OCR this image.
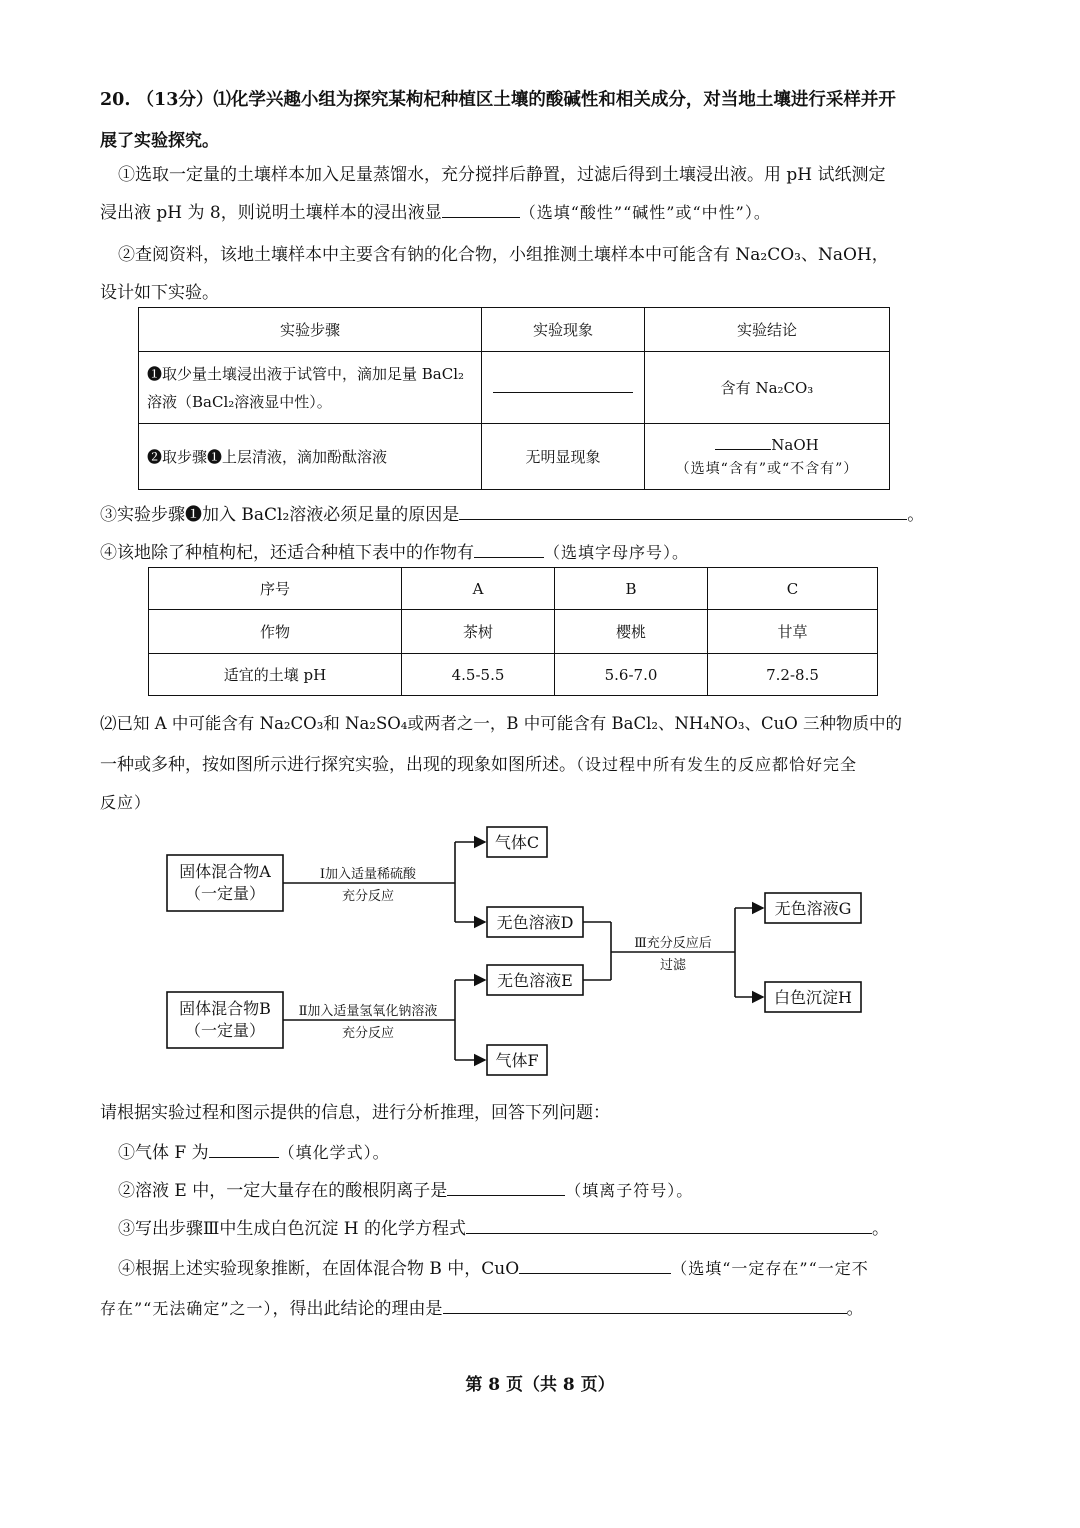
20. （13分）⑴化学兴趣小组为探究某枸杞种植区土壤的酸碱性和相关成分，对当地土壤进行采样并开
展了实验探究。
①选取一定量的土壤样本加入足量蒸馏水，充分搅拌后静置，过滤后得到土壤浸出液。用 pH 试纸测定
浸出液 pH 为 8，则说明土壤样本的浸出液显	（选填“酸性”“碱性”或“中性”）。
②查阅资料，该地土壤样本中主要含有钠的化合物，小组推测土壤样本中可能含有 Na₂CO₃、NaOH，
设计如下实验。
实验步骤	实验现象	实验结论

❶取少量土壤浸出液于试管中，滴加足量 BaCl₂
溶液（BaCl₂溶液显中性）。		含有 Na₂CO₃
❷取步骤❶上层清液，滴加酚酞溶液	无明显现象	NaOH
（选填“含有”或“不含有”）
③实验步骤❶加入 BaCl₂溶液必须足量的原因是	。
④该地除了种植枸杞，还适合种植下表中的作物有	（选填字母序号）。
序号	A	B	C
作物	茶树	樱桃	甘草
适宜的土壤 pH	4.5-5.5	5.6-7.0	7.2-8.5
⑵已知 A 中可能含有 Na₂CO₃和 Na₂SO₄或两者之一，B 中可能含有 BaCl₂、NH₄NO₃、CuO 三种物质中的
一种或多种，按如图所示进行探究实验，出现的现象如图所述。（设过程中所有发生的反应都恰好完全
反应）
固体混合物A
（一定量）
固体混合物B
（一定量）
气体C
无色溶液D
无色溶液E
气体F
无色溶液G
白色沉淀H
Ⅰ加入适量稀硫酸
充分反应
Ⅱ加入适量氢氧化钠溶液
充分反应
Ⅲ充分反应后
过滤
请根据实验过程和图示提供的信息，进行分析推理，回答下列问题：
①气体 F 为	（填化学式）。
②溶液 E 中，一定大量存在的酸根阴离子是	（填离子符号）。
③写出步骤Ⅲ中生成白色沉淀 H 的化学方程式	。
④根据上述实验现象推断，在固体混合物 B 中，CuO	（选填“一定存在”“一定不
存在”“无法确定”之一），得出此结论的理由是	。
第 8 页（共 8 页）
